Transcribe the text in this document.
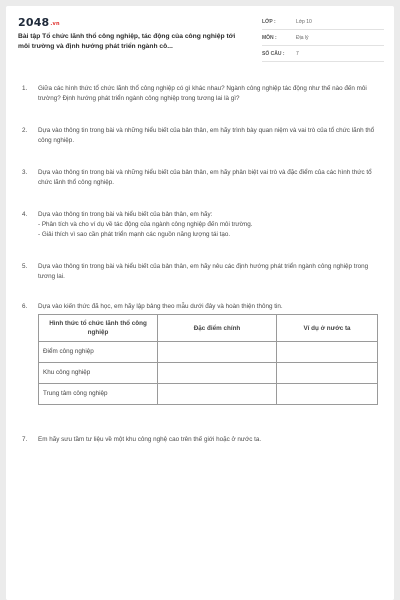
2048.vn
Bài tập Tổ chức lãnh thổ công nghiệp, tác động của công nghiệp tới môi trường và định hướng phát triển ngành cô...
LỚP :	Lớp 10
MÔN :	Địa lý
SỐ CÂU : 7
1. Giữa các hình thức tổ chức lãnh thổ công nghiệp có gì khác nhau? Ngành công nghiệp tác động như thế nào đến môi trường? Định hướng phát triển ngành công nghiệp trong tương lai là gì?
2. Dựa vào thông tin trong bài và những hiểu biết của bản thân, em hãy trình bày quan niệm và vai trò của tổ chức lãnh thổ công nghiệp.
3. Dựa vào thông tin trong bài và những hiểu biết của bản thân, em hãy phân biệt vai trò và đặc điểm của các hình thức tổ chức lãnh thổ công nghiệp.
4. Dựa vào thông tin trong bài và hiểu biết của bản thân, em hãy:
- Phân tích và cho ví dụ về tác động của ngành công nghiệp đến môi trường.
- Giải thích vì sao cần phát triển mạnh các nguồn năng lượng tái tạo.
5. Dựa vào thông tin trong bài và hiểu biết của bản thân, em hãy nêu các định hướng phát triển ngành công nghiệp trong tương lai.
6. Dựa vào kiến thức đã học, em hãy lập bảng theo mẫu dưới đây và hoàn thiện thông tin.
Hình thức tổ chức lãnh thổ công nghiệp	Đặc điểm chính	Ví dụ ở nước ta
Điểm công nghiệp		
Khu công nghiệp		
Trung tâm công nghiệp		
7. Em hãy sưu tầm tư liệu về một khu công nghệ cao trên thế giới hoặc ở nước ta.
